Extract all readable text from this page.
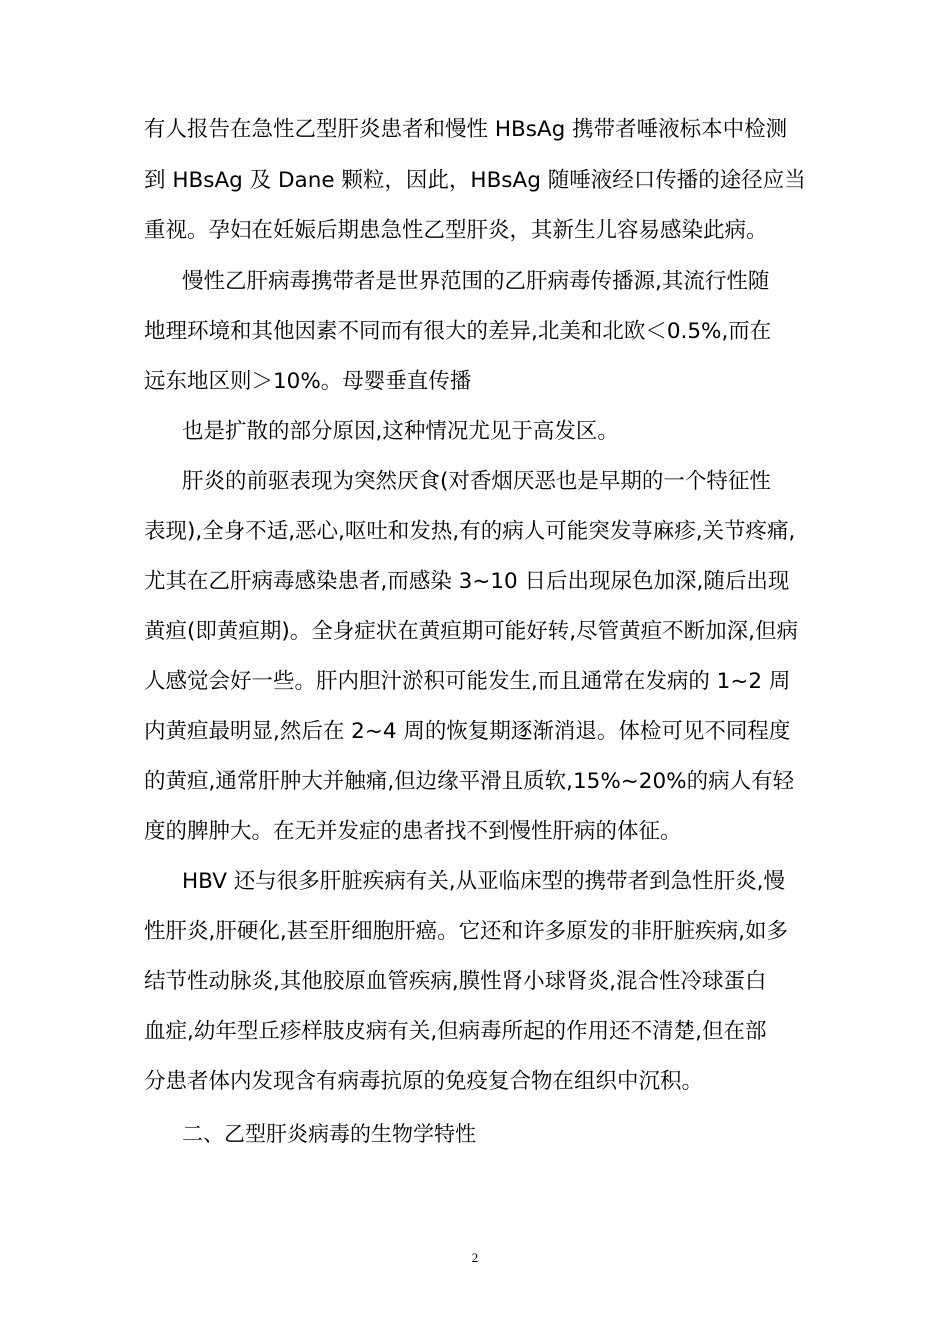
有人报告在急性乙型肝炎患者和慢性 HBsAg 携带者唾液标本中检测
到 HBsAg 及 Dane 颗粒，因此，HBsAg 随唾液经口传播的途径应当
重视。孕妇在妊娠后期患急性乙型肝炎，其新生儿容易感染此病。
慢性乙肝病毒携带者是世界范围的乙肝病毒传播源,其流行性随
地理环境和其他因素不同而有很大的差异,北美和北欧＜0.5%,而在
远东地区则＞10%。母婴垂直传播
也是扩散的部分原因,这种情况尤见于高发区。
肝炎的前驱表现为突然厌食(对香烟厌恶也是早期的一个特征性
表现),全身不适,恶心,呕吐和发热,有的病人可能突发荨麻疹,关节疼痛,
尤其在乙肝病毒感染患者,而感染 3~10 日后出现尿色加深,随后出现
黄疸(即黄疸期)。全身症状在黄疸期可能好转,尽管黄疸不断加深,但病
人感觉会好一些。肝内胆汁淤积可能发生,而且通常在发病的 1~2 周
内黄疸最明显,然后在 2~4 周的恢复期逐渐消退。体检可见不同程度
的黄疸,通常肝肿大并触痛,但边缘平滑且质软,15%~20%的病人有轻
度的脾肿大。在无并发症的患者找不到慢性肝病的体征。
HBV 还与很多肝脏疾病有关,从亚临床型的携带者到急性肝炎,慢
性肝炎,肝硬化,甚至肝细胞肝癌。它还和许多原发的非肝脏疾病,如多
结节性动脉炎,其他胶原血管疾病,膜性肾小球肾炎,混合性冷球蛋白
血症,幼年型丘疹样肢皮病有关,但病毒所起的作用还不清楚,但在部
分患者体内发现含有病毒抗原的免疫复合物在组织中沉积。
二、乙型肝炎病毒的生物学特性
2
